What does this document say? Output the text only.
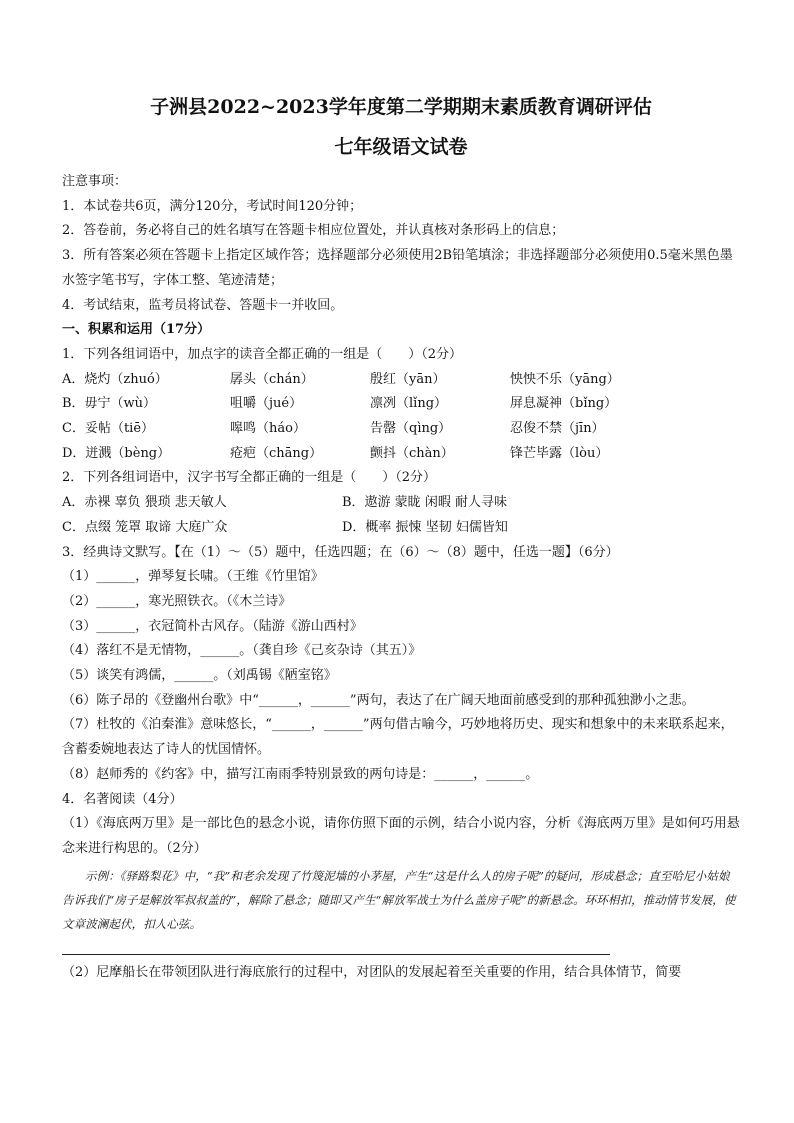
子洲县2022~2023学年度第二学期期末素质教育调研评估

七年级语文试卷

注意事项：

1．本试卷共6页，满分120分，考试时间120分钟；

2．答卷前，务必将自己的姓名填写在答题卡相应位置处，并认真核对条形码上的信息；

3．所有答案必须在答题卡上指定区域作答；选择题部分必须使用2B铅笔填涂；非选择题部分必须使用0.5毫米黑色墨水签字笔书写，字体工整、笔迹清楚；

4．考试结束，监考员将试卷、答题卡一并收回。

一、积累和运用（17分）

1．下列各组词语中，加点字的读音全都正确的一组是（　　）（2分）

A．烧灼（zhuó）	孱头（chán）	殷红（yān）	怏怏不乐（yāng）
B．毋宁（wù）	咀嚼（jué）	凛冽（lǐng）	屏息凝神（bǐng）
C．妥帖（tiē）	嗥鸣（háo）	告罄（qìng）	忍俊不禁（jīn）
D．迸溅（bèng）	疮疤（chāng）	颤抖（chàn）	锋芒毕露（lòu）

2．下列各组词语中，汉字书写全都正确的一组是（　　）（2分）

A．赤裸 辜负 猥琐 悲天敏人	B．遨游 蒙眬 闲暇 耐人寻味
C．点缀 笼罩 取谛 大庭广众	D．概率 振悚 坚韧 妇儒皆知

3．经典诗文默写。【在（1）～（5）题中，任选四题；在（6）～（8）题中，任选一题】（6分）

（1）______，弹琴复长啸。（王维《竹里馆》

（2）______，寒光照铁衣。（《木兰诗》

（3）______，衣冠简朴古风存。（陆游《游山西村》

（4）落红不是无情物，______。（龚自珍《己亥杂诗（其五）》

（5）谈笑有鸿儒，______。（刘禹锡《陋室铭》

（6）陈子昂的《登幽州台歌》中“______，______”两句，表达了在广阔天地面前感受到的那种孤独渺小之悲。

（7）杜牧的《泊秦淮》意味悠长，“______，______”两句借古喻今，巧妙地将历史、现实和想象中的未来联系起来，含蓄委婉地表达了诗人的忧国情怀。

（8）赵师秀的《约客》中，描写江南雨季特别景致的两句诗是：______，______。

4．名著阅读（4分）

（1）《海底两万里》是一部比色的悬念小说，请你仿照下面的示例，结合小说内容，分析《海底两万里》是如何巧用悬念来进行构思的。（2分）

示例：《驿路梨花》中，“我”和老余发现了竹篾泥墙的小茅屋，产生“这是什么人的房子呢”的疑问，形成悬念；直至哈尼小姑娘告诉我们“房子是解放军叔叔盖的”，解除了悬念；随即又产生“解放军战士为什么盖房子呢”的新悬念。环环相扣，推动情节发展，使文章波澜起伏，扣人心弦。

（2）尼摩船长在带领团队进行海底旅行的过程中，对团队的发展起着至关重要的作用，结合具体情节，简要
